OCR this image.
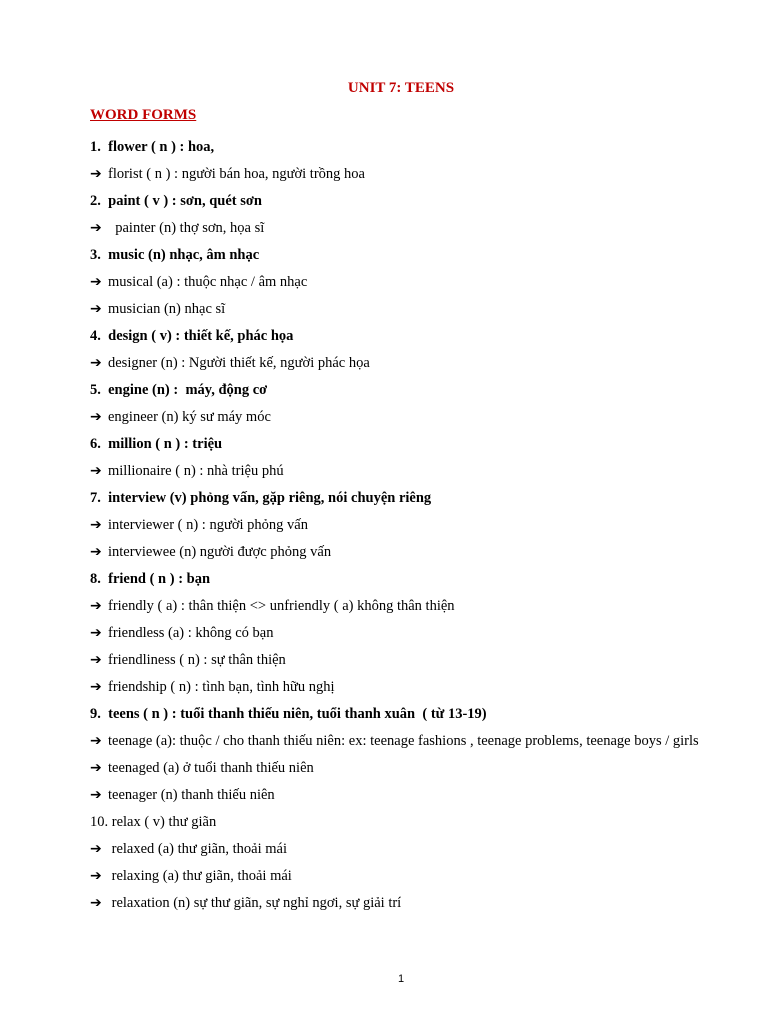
UNIT 7: TEENS
WORD FORMS
1.  flower ( n ) : hoa,
➔ florist ( n ) : người bán hoa, người trồng hoa
2.  paint ( v ) : sơn, quét sơn
➔  painter (n) thợ sơn, họa sĩ
3.  music (n) nhạc, âm nhạc
➔ musical (a) : thuộc nhạc / âm nhạc
➔ musician (n) nhạc sĩ
4.  design ( v) : thiết kế, phác họa
➔ designer (n) : Người thiết kế, người phác họa
5.  engine (n) :  máy, động cơ
➔ engineer (n) ký sư máy móc
6.  million ( n ) : triệu
➔ millionaire ( n) : nhà triệu phú
7.  interview (v) phỏng vấn, gặp riêng, nói chuyện riêng
➔ interviewer ( n) : người phỏng vấn
➔ interviewee (n) người được phỏng vấn
8.  friend ( n ) : bạn
➔ friendly ( a) : thân thiện <> unfriendly ( a) không thân thiện
➔ friendless (a) : không có bạn
➔ friendliness ( n) : sự thân thiện
➔ friendship ( n) : tình bạn, tình hữu nghị
9.  teens ( n ) : tuổi thanh thiếu niên, tuổi thanh xuân  ( từ 13-19)
➔ teenage (a): thuộc / cho thanh thiếu niên: ex: teenage fashions , teenage problems, teenage boys / girls
➔ teenaged (a) ở tuổi thanh thiếu niên
➔ teenager (n) thanh thiếu niên
10. relax ( v) thư giãn
➔ relaxed (a) thư giãn, thoải mái
➔ relaxing (a) thư giãn, thoải mái
➔ relaxation (n) sự thư giãn, sự nghỉ ngơi, sự giải trí
1
